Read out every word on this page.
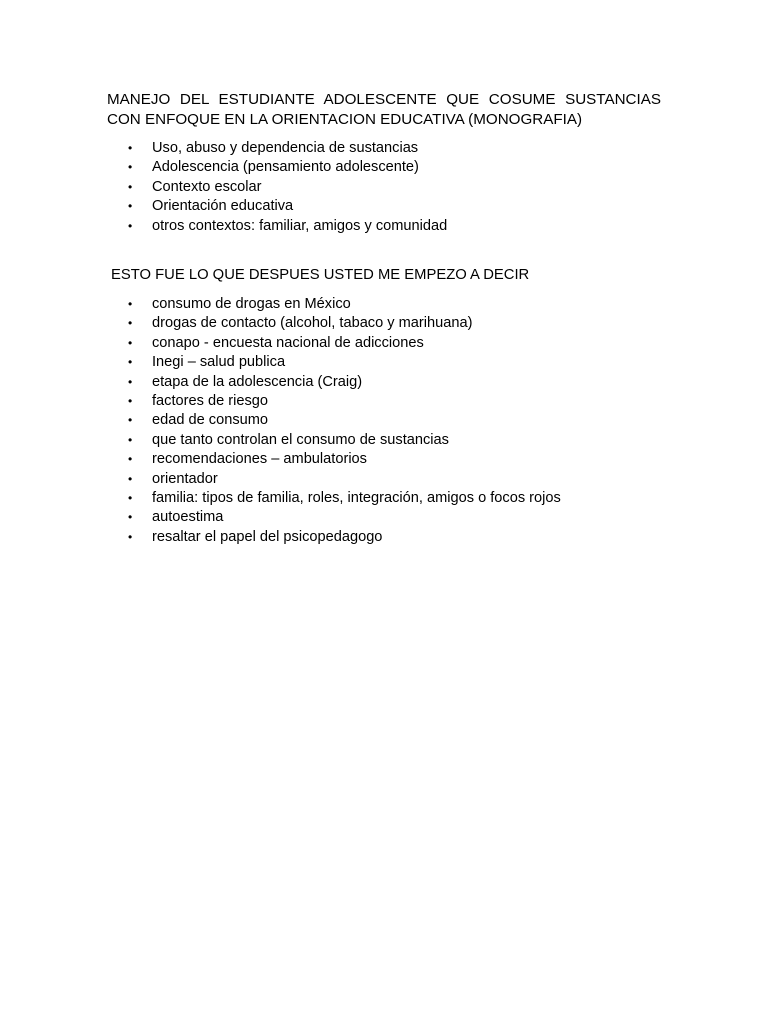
MANEJO DEL ESTUDIANTE ADOLESCENTE QUE COSUME SUSTANCIAS
CON ENFOQUE EN LA ORIENTACION EDUCATIVA (MONOGRAFIA)

•	Uso, abuso y dependencia de sustancias
•	Adolescencia (pensamiento adolescente)
•	Contexto escolar
•	Orientación educativa
•	otros contextos: familiar, amigos y comunidad

ESTO FUE LO QUE DESPUES USTED ME EMPEZO A DECIR

•	consumo de drogas en México
•	drogas de contacto (alcohol, tabaco y marihuana)
•	conapo - encuesta nacional de adicciones
•	Inegi – salud publica
•	etapa de la adolescencia (Craig)
•	factores de riesgo
•	edad de consumo
•	que tanto controlan el consumo de sustancias
•	recomendaciones – ambulatorios
•	orientador
•	familia: tipos de familia, roles, integración, amigos o focos rojos
•	autoestima
•	resaltar el papel del psicopedagogo
